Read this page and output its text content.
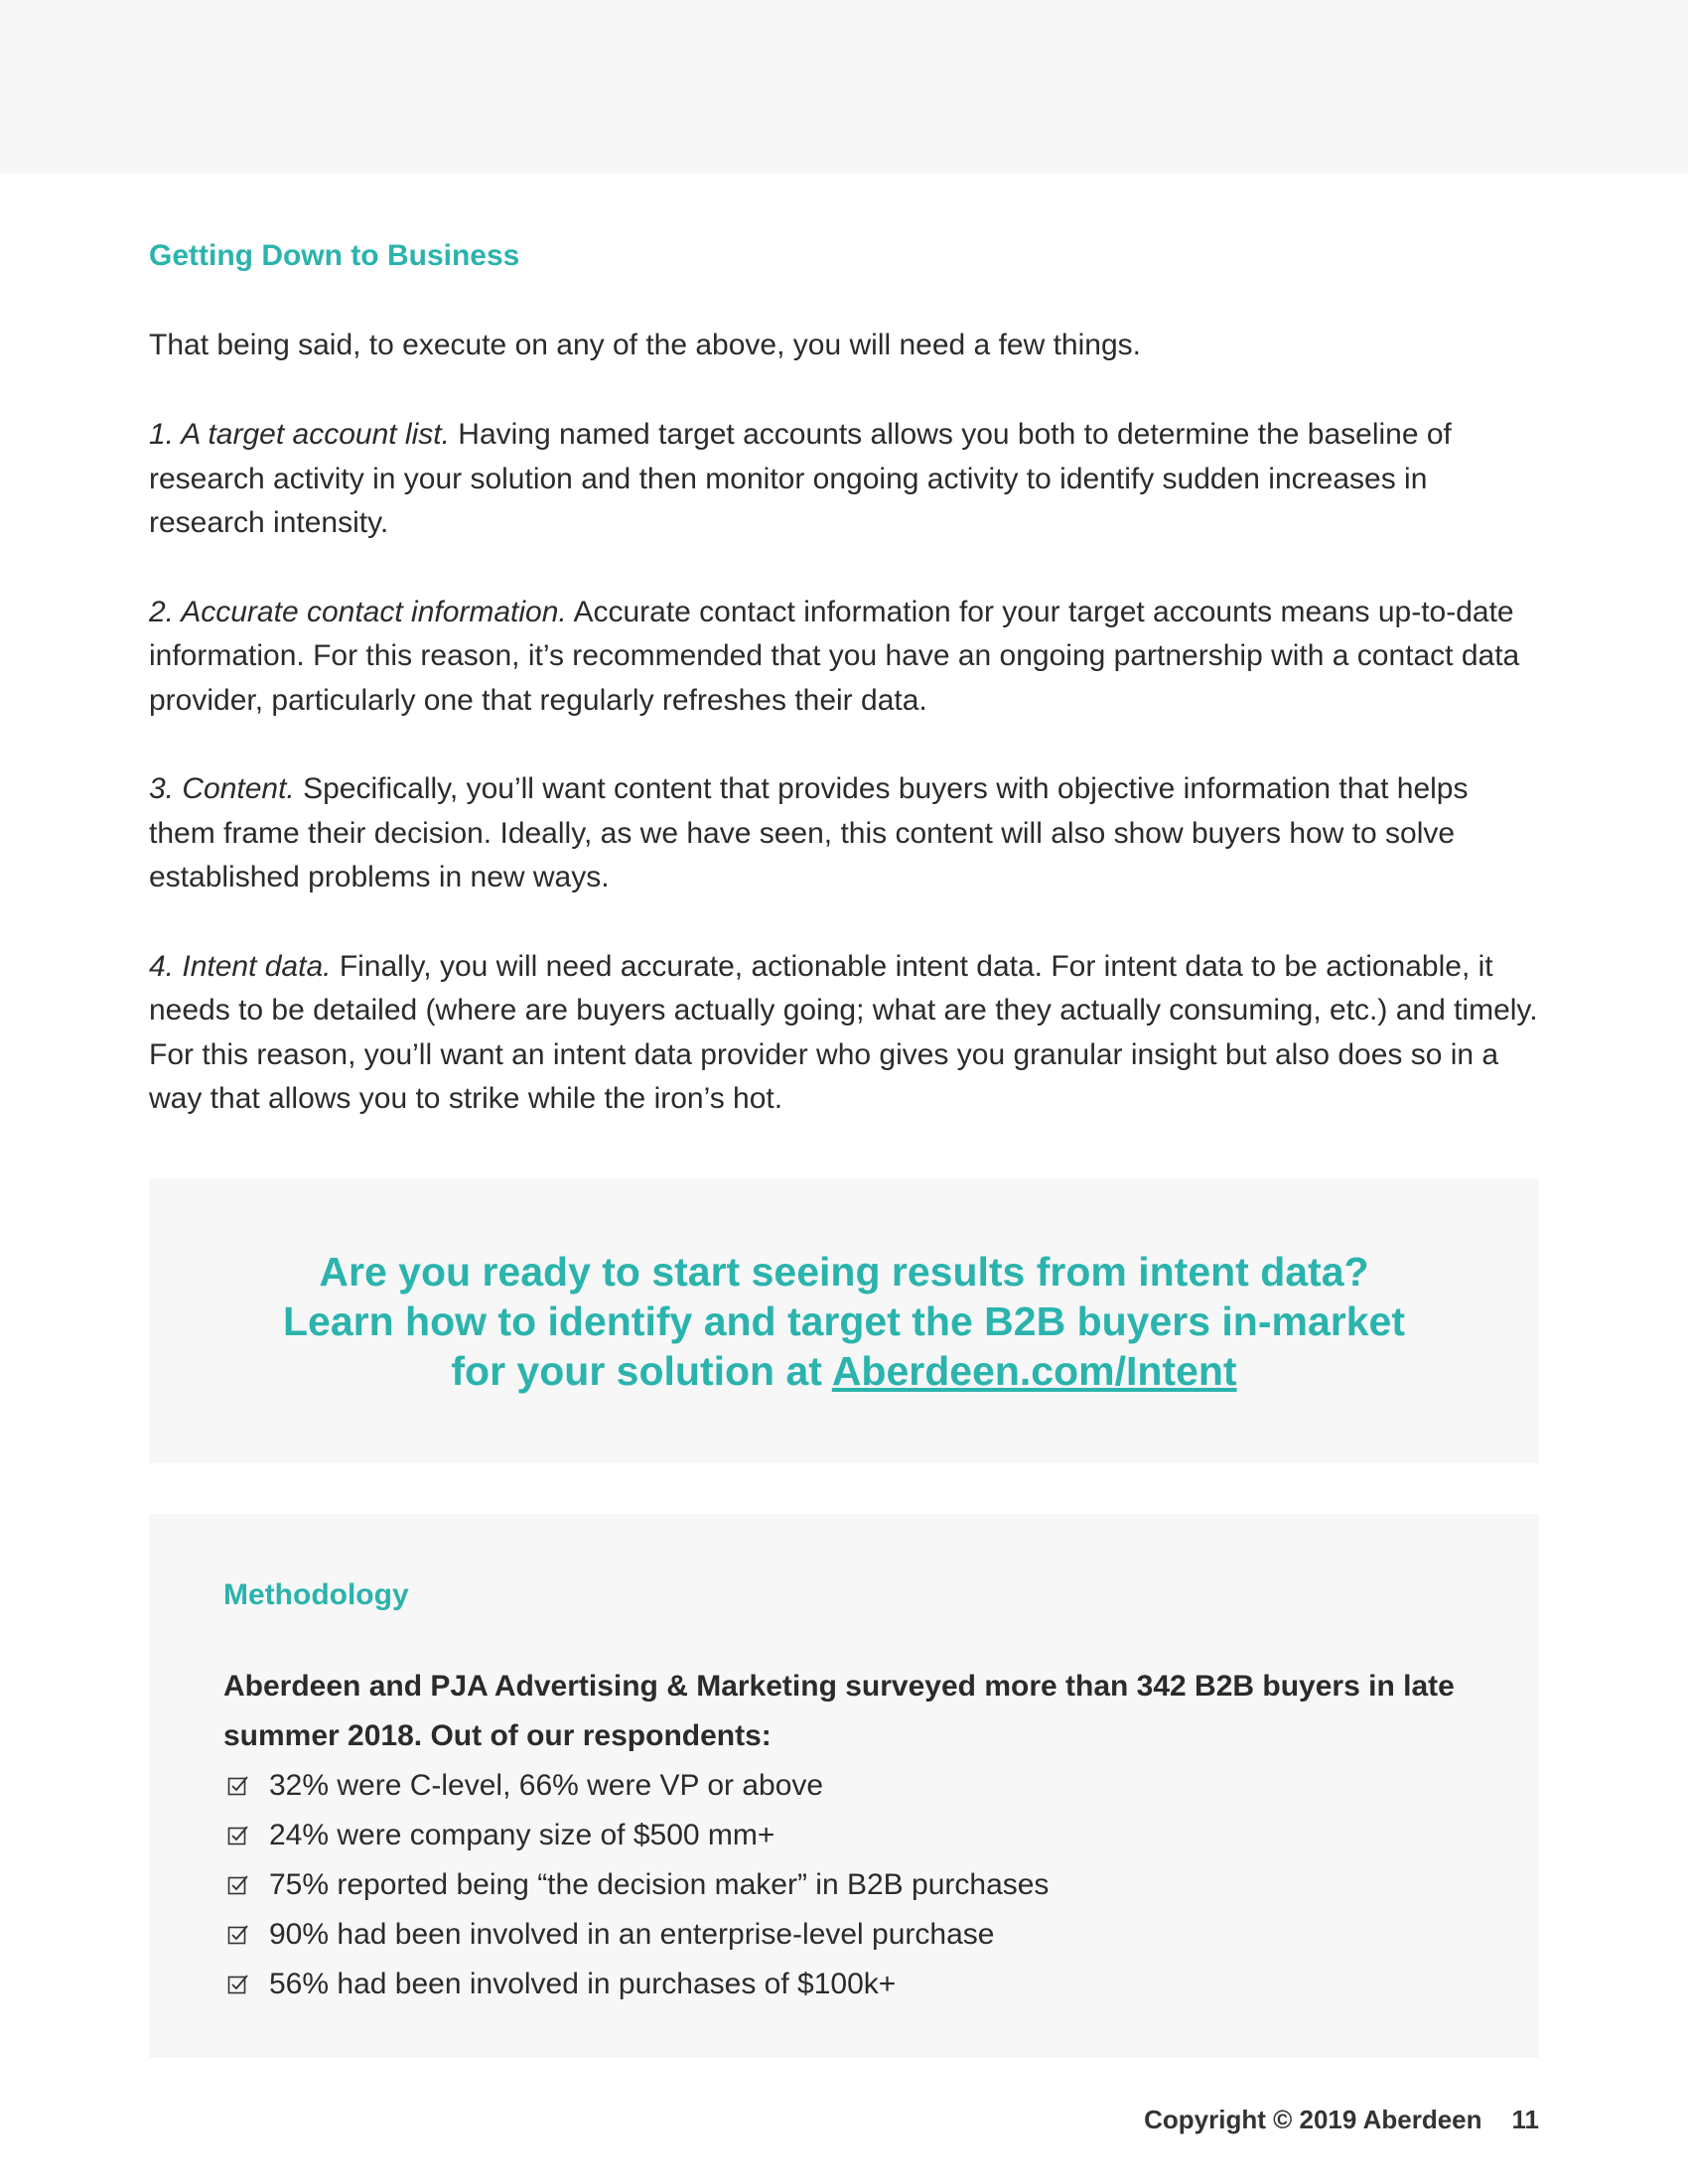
Getting Down to Business

That being said, to execute on any of the above, you will need a few things.

1. A target account list. Having named target accounts allows you both to determine the baseline of research activity in your solution and then monitor ongoing activity to identify sudden increases in research intensity.

2. Accurate contact information. Accurate contact information for your target accounts means up-to-date information. For this reason, it’s recommended that you have an ongoing partnership with a contact data provider, particularly one that regularly refreshes their data.

3. Content. Specifically, you’ll want content that provides buyers with objective information that helps them frame their decision. Ideally, as we have seen, this content will also show buyers how to solve established problems in new ways.

4. Intent data. Finally, you will need accurate, actionable intent data. For intent data to be actionable, it needs to be detailed (where are buyers actually going; what are they actually consuming, etc.) and timely. For this reason, you’ll want an intent data provider who gives you granular insight but also does so in a way that allows you to strike while the iron’s hot.

Are you ready to start seeing results from intent data?
Learn how to identify and target the B2B buyers in-market
for your solution at Aberdeen.com/Intent
Methodology

Aberdeen and PJA Advertising & Marketing surveyed more than 342 B2B buyers in late summer 2018. Out of our respondents:

32% were C-level, 66% were VP or above
24% were company size of $500 mm+
75% reported being “the decision maker” in B2B purchases
90% had been involved in an enterprise-level purchase
56% had been involved in purchases of $100k+
Copyright © 2019 Aberdeen 11
